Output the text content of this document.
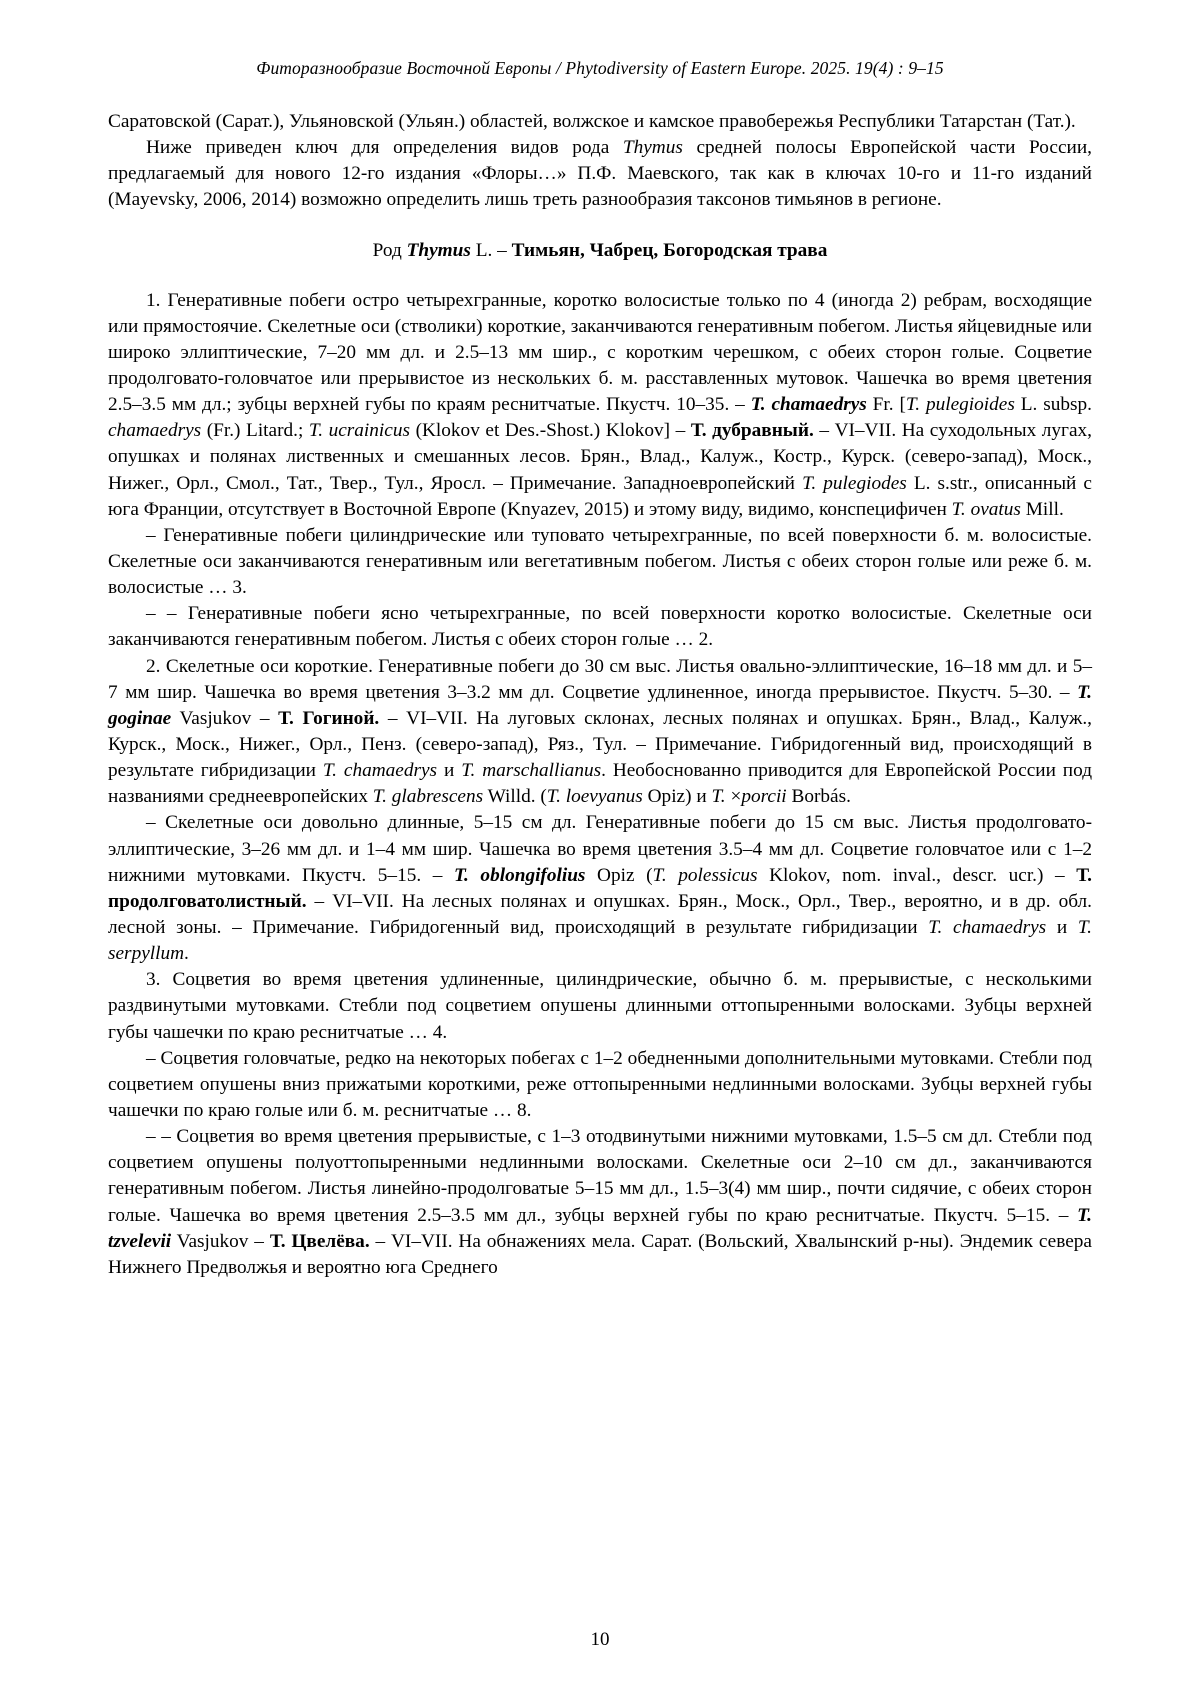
Фиторазнообразие Восточной Европы / Phytodiversity of Eastern Europe. 2025. 19(4) : 9–15

Саратовской (Сарат.), Ульяновской (Ульян.) областей, волжское и камское правобережья Республики Татарстан (Тат.).

Ниже приведен ключ для определения видов рода Thymus средней полосы Европейской части России, предлагаемый для нового 12-го издания «Флоры…» П.Ф. Маевского, так как в ключах 10-го и 11-го изданий (Mayevsky, 2006, 2014) возможно определить лишь треть разнообразия таксонов тимьянов в регионе.

Род Thymus L. – Тимьян, Чабрец, Богородская трава

1. Генеративные побеги остро четырехгранные, коротко волосистые только по 4 (иногда 2) ребрам, восходящие или прямостоячие. Скелетные оси (стволики) короткие, заканчиваются генеративным побегом. Листья яйцевидные или широко эллиптические, 7–20 мм дл. и 2.5–13 мм шир., с коротким черешком, с обеих сторон голые. Соцветие продолговато-головчатое или прерывистое из нескольких б. м. расставленных мутовок. Чашечка во время цветения 2.5–3.5 мм дл.; зубцы верхней губы по краям реснитчатые. Пкустч. 10–35. – T. chamaedrys Fr. [T. pulegioides L. subsp. chamaedrys (Fr.) Litard.; T. ucrainicus (Klokov et Des.-Shost.) Klokov] – Т. дубравный. – VI–VII. На суходольных лугах, опушках и полянах лиственных и смешанных лесов. Брян., Влад., Калуж., Костр., Курск. (северо-запад), Моск., Нижег., Орл., Смол., Тат., Твер., Тул., Яросл. – Примечание. Западноевропейский T. pulegiodes L. s.str., описанный с юга Франции, отсутствует в Восточной Европе (Knyazev, 2015) и этому виду, видимо, конспецифичен T. ovatus Mill.

– Генеративные побеги цилиндрические или туповато четырехгранные, по всей поверхности б. м. волосистые. Скелетные оси заканчиваются генеративным или вегетативным побегом. Листья с обеих сторон голые или реже б. м. волосистые … 3.

– – Генеративные побеги ясно четырехгранные, по всей поверхности коротко волосистые. Скелетные оси заканчиваются генеративным побегом. Листья с обеих сторон голые … 2.

2. Скелетные оси короткие. Генеративные побеги до 30 см выс. Листья овально-эллиптические, 16–18 мм дл. и 5–7 мм шир. Чашечка во время цветения 3–3.2 мм дл. Соцветие удлиненное, иногда прерывистое. Пкустч. 5–30. – T. goginae Vasjukov – Т. Гогиной. – VI–VII. На луговых склонах, лесных полянах и опушках. Брян., Влад., Калуж., Курск., Моск., Нижег., Орл., Пенз. (северо-запад), Ряз., Тул. – Примечание. Гибридогенный вид, происходящий в результате гибридизации T. chamaedrys и T. marschallianus. Необоснованно приводится для Европейской России под названиями среднеевропейских T. glabrescens Willd. (T. loevyanus Opiz) и T. ×porcii Borbás.

– Скелетные оси довольно длинные, 5–15 см дл. Генеративные побеги до 15 см выс. Листья продолговато-эллиптические, 3–26 мм дл. и 1–4 мм шир. Чашечка во время цветения 3.5–4 мм дл. Соцветие головчатое или с 1–2 нижними мутовками. Пкустч. 5–15. – T. oblongifolius Opiz (T. polessicus Klokov, nom. inval., descr. ucr.) – Т. продолговатолистный. – VI–VII. На лесных полянах и опушках. Брян., Моск., Орл., Твер., вероятно, и в др. обл. лесной зоны. – Примечание. Гибридогенный вид, происходящий в результате гибридизации T. chamaedrys и T. serpyllum.

3. Соцветия во время цветения удлиненные, цилиндрические, обычно б. м. прерывистые, с несколькими раздвинутыми мутовками. Стебли под соцветием опушены длинными оттопыренными волосками. Зубцы верхней губы чашечки по краю реснитчатые … 4.

– Соцветия головчатые, редко на некоторых побегах с 1–2 обедненными дополнительными мутовками. Стебли под соцветием опушены вниз прижатыми короткими, реже оттопыренными недлинными волосками. Зубцы верхней губы чашечки по краю голые или б. м. реснитчатые … 8.

– – Соцветия во время цветения прерывистые, с 1–3 отодвинутыми нижними мутовками, 1.5–5 см дл. Стебли под соцветием опушены полуоттопыренными недлинными волосками. Скелетные оси 2–10 см дл., заканчиваются генеративным побегом. Листья линейно-продолговатые 5–15 мм дл., 1.5–3(4) мм шир., почти сидячие, с обеих сторон голые. Чашечка во время цветения 2.5–3.5 мм дл., зубцы верхней губы по краю реснитчатые. Пкустч. 5–15. – T. tzvelevii Vasjukov – Т. Цвелёва. – VI–VII. На обнажениях мела. Сарат. (Вольский, Хвалынский р-ны). Эндемик севера Нижнего Предволжья и вероятно юга Среднего

10
